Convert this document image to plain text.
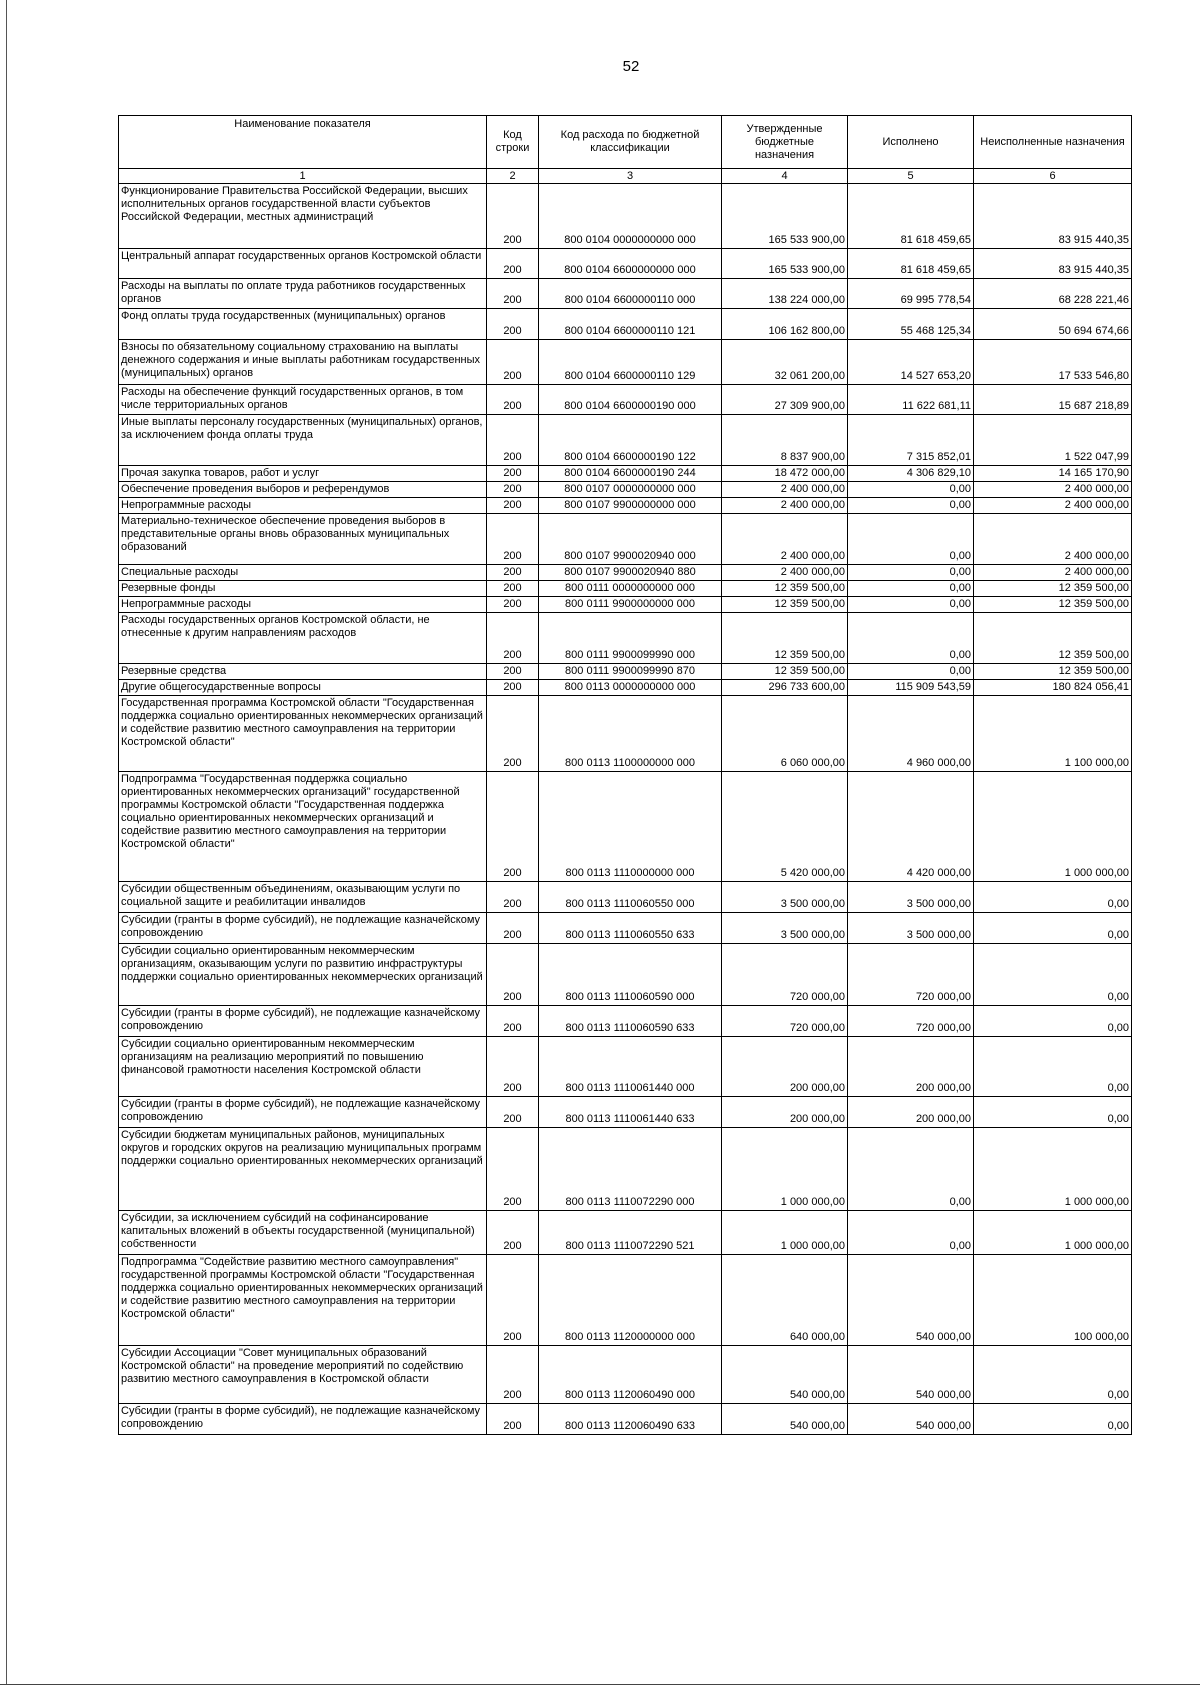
52
Наименование показателя	Код строки	Код расхода по бюджетной классификации	Утвержденные бюджетные назначения	Исполнено	Неисполненные назначения
1	2	3	4	5	6
Функционирование Правительства Российской Федерации, высших исполнительных органов государственной власти субъектов Российской Федерации, местных администраций	200	800 0104 0000000000 000	165 533 900,00	81 618 459,65	83 915 440,35
Центральный аппарат государственных органов Костромской области	200	800 0104 6600000000 000	165 533 900,00	81 618 459,65	83 915 440,35
Расходы на выплаты по оплате труда работников государственных органов	200	800 0104 6600000110 000	138 224 000,00	69 995 778,54	68 228 221,46
Фонд оплаты труда государственных (муниципальных) органов	200	800 0104 6600000110 121	106 162 800,00	55 468 125,34	50 694 674,66
Взносы по обязательному социальному страхованию на выплаты денежного содержания и иные выплаты работникам государственных (муниципальных) органов	200	800 0104 6600000110 129	32 061 200,00	14 527 653,20	17 533 546,80
Расходы на обеспечение функций государственных органов, в том числе территориальных органов	200	800 0104 6600000190 000	27 309 900,00	11 622 681,11	15 687 218,89
Иные выплаты персоналу государственных (муниципальных) органов, за исключением фонда оплаты труда	200	800 0104 6600000190 122	8 837 900,00	7 315 852,01	1 522 047,99
Прочая закупка товаров, работ и услуг	200	800 0104 6600000190 244	18 472 000,00	4 306 829,10	14 165 170,90
Обеспечение проведения выборов и референдумов	200	800 0107 0000000000 000	2 400 000,00	0,00	2 400 000,00
Непрограммные расходы	200	800 0107 9900000000 000	2 400 000,00	0,00	2 400 000,00
Материально-техническое обеспечение проведения выборов в представительные органы вновь образованных муниципальных образований	200	800 0107 9900020940 000	2 400 000,00	0,00	2 400 000,00
Специальные расходы	200	800 0107 9900020940 880	2 400 000,00	0,00	2 400 000,00
Резервные фонды	200	800 0111 0000000000 000	12 359 500,00	0,00	12 359 500,00
Непрограммные расходы	200	800 0111 9900000000 000	12 359 500,00	0,00	12 359 500,00
Расходы государственных органов Костромской области, не отнесенные к другим направлениям расходов	200	800 0111 9900099990 000	12 359 500,00	0,00	12 359 500,00
Резервные средства	200	800 0111 9900099990 870	12 359 500,00	0,00	12 359 500,00
Другие общегосударственные вопросы	200	800 0113 0000000000 000	296 733 600,00	115 909 543,59	180 824 056,41
Государственная программа Костромской области "Государственная поддержка социально ориентированных некоммерческих организаций и содействие развитию местного самоуправления на территории Костромской области"	200	800 0113 1100000000 000	6 060 000,00	4 960 000,00	1 100 000,00
Подпрограмма "Государственная поддержка социально ориентированных некоммерческих организаций" государственной программы Костромской области "Государственная поддержка социально ориентированных некоммерческих организаций и содействие развитию местного самоуправления на территории Костромской области"	200	800 0113 1110000000 000	5 420 000,00	4 420 000,00	1 000 000,00
Субсидии общественным объединениям, оказывающим услуги по социальной защите и реабилитации инвалидов	200	800 0113 1110060550 000	3 500 000,00	3 500 000,00	0,00
Субсидии (гранты в форме субсидий), не подлежащие казначейскому сопровождению	200	800 0113 1110060550 633	3 500 000,00	3 500 000,00	0,00
Субсидии социально ориентированным некоммерческим организациям, оказывающим услуги по развитию инфраструктуры поддержки социально ориентированных некоммерческих организаций	200	800 0113 1110060590 000	720 000,00	720 000,00	0,00
Субсидии (гранты в форме субсидий), не подлежащие казначейскому сопровождению	200	800 0113 1110060590 633	720 000,00	720 000,00	0,00
Субсидии социально ориентированным некоммерческим организациям на реализацию мероприятий по повышению финансовой грамотности населения Костромской области	200	800 0113 1110061440 000	200 000,00	200 000,00	0,00
Субсидии (гранты в форме субсидий), не подлежащие казначейскому сопровождению	200	800 0113 1110061440 633	200 000,00	200 000,00	0,00
Субсидии бюджетам муниципальных районов, муниципальных округов и городских округов на реализацию муниципальных программ поддержки социально ориентированных некоммерческих организаций	200	800 0113 1110072290 000	1 000 000,00	0,00	1 000 000,00
Субсидии, за исключением субсидий на софинансирование капитальных вложений в объекты государственной (муниципальной) собственности	200	800 0113 1110072290 521	1 000 000,00	0,00	1 000 000,00
Подпрограмма "Содействие развитию местного самоуправления" государственной программы Костромской области "Государственная поддержка социально ориентированных некоммерческих организаций и содействие развитию местного самоуправления на территории Костромской области"	200	800 0113 1120000000 000	640 000,00	540 000,00	100 000,00
Субсидии Ассоциации "Совет муниципальных образований Костромской области" на проведение мероприятий по содействию развитию местного самоуправления в Костромской области	200	800 0113 1120060490 000	540 000,00	540 000,00	0,00
Субсидии (гранты в форме субсидий), не подлежащие казначейскому сопровождению	200	800 0113 1120060490 633	540 000,00	540 000,00	0,00
